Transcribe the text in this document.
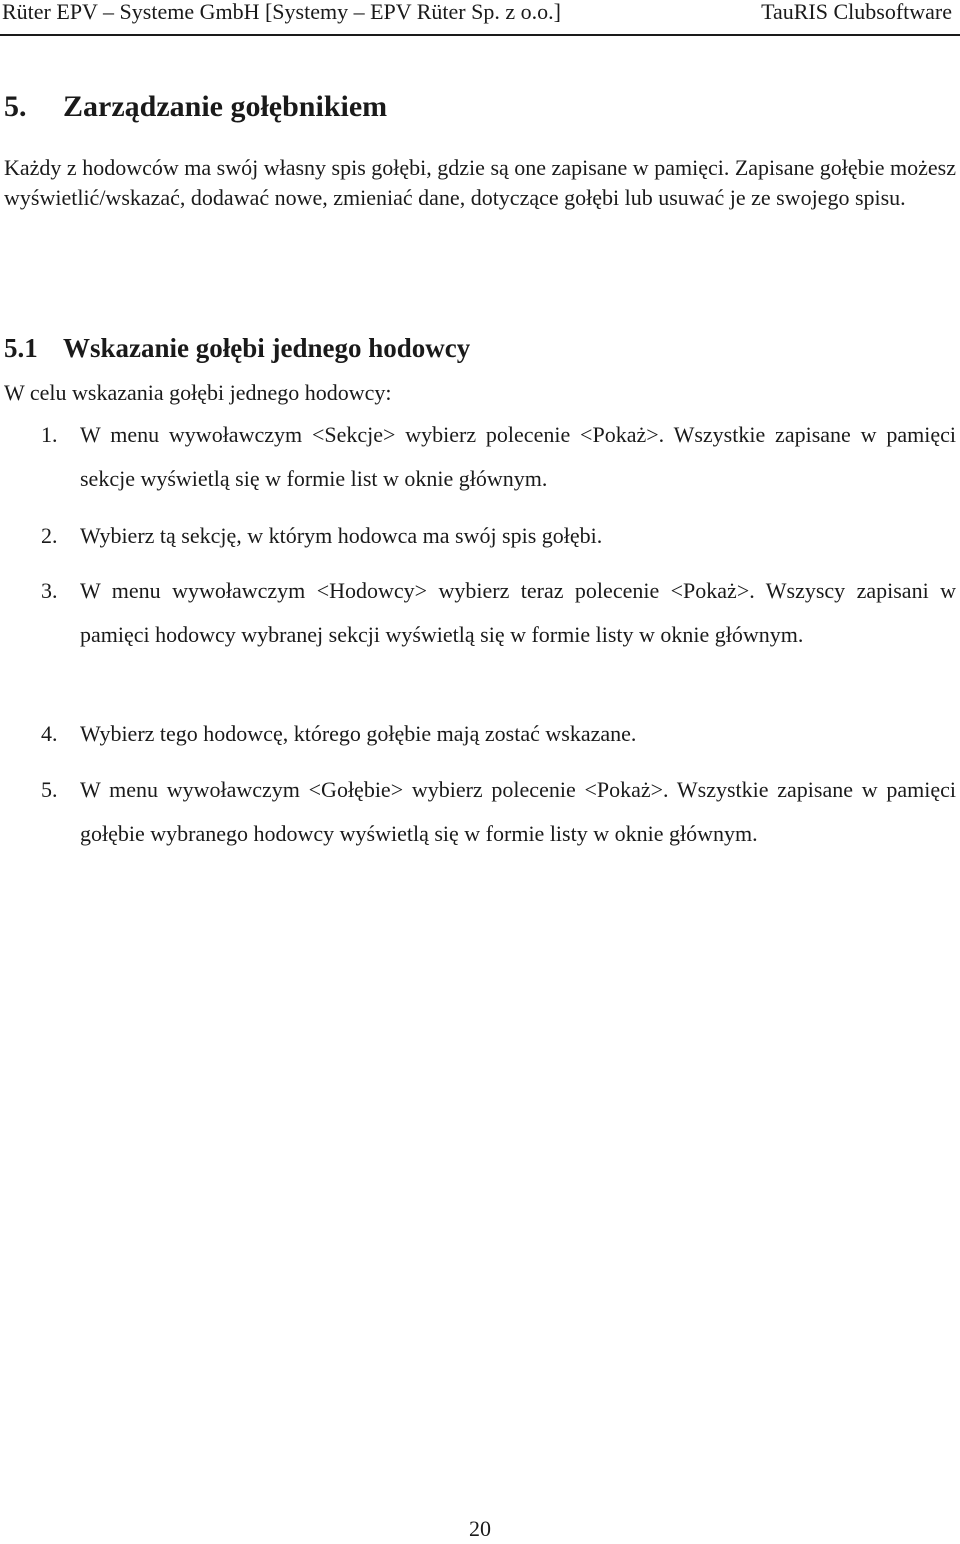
Rüter EPV – Systeme GmbH [Systemy – EPV Rüter Sp. z o.o.]	TauRIS Clubsoftware
5. Zarządzanie gołębnikiem
Każdy z hodowców ma swój własny spis gołębi, gdzie są one zapisane w pamięci. Zapisane gołębie możesz wyświetlić/wskazać, dodawać nowe, zmieniać dane, dotyczące gołębi lub usuwać je ze swojego spisu.
5.1 Wskazanie gołębi jednego hodowcy
W celu wskazania gołębi jednego hodowcy:
1.	W menu wywoławczym <Sekcje> wybierz polecenie <Pokaż>. Wszystkie zapisane w pamięci sekcje wyświetlą się w formie list w oknie głównym.
2.	Wybierz tą sekcję, w którym hodowca ma swój spis gołębi.
3.	W menu wywoławczym <Hodowcy> wybierz teraz polecenie <Pokaż>. Wszyscy zapisani w pamięci hodowcy wybranej sekcji wyświetlą się w formie listy w oknie głównym.
4.	Wybierz tego hodowcę, którego gołębie mają zostać wskazane.
5.	W menu wywoławczym <Gołębie> wybierz polecenie <Pokaż>. Wszystkie zapisane w pamięci gołębie wybranego hodowcy wyświetlą się w formie listy w oknie głównym.
20
